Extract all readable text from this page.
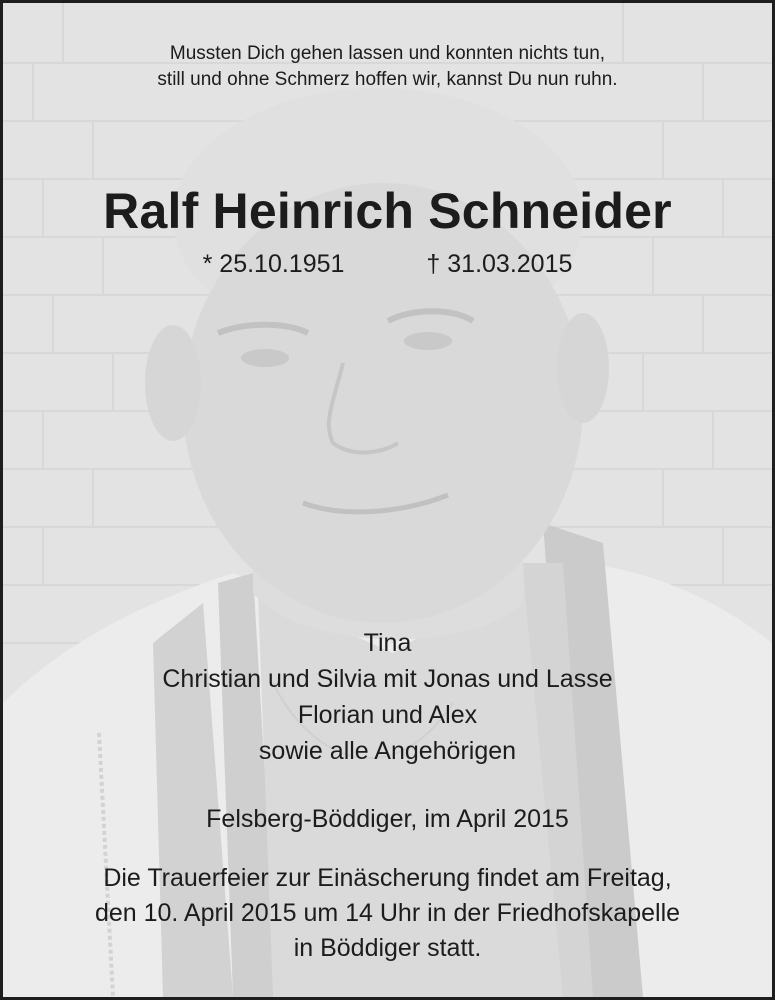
Mussten Dich gehen lassen und konnten nichts tun,
still und ohne Schmerz hoffen wir, kannst Du nun ruhn.
Ralf Heinrich Schneider
* 25.10.1951	† 31.03.2015
Tina
Christian und Silvia mit Jonas und Lasse
Florian und Alex
sowie alle Angehörigen
Felsberg-Böddiger, im April 2015
Die Trauerfeier zur Einäscherung findet am Freitag,
den 10. April 2015 um 14 Uhr in der Friedhofskapelle
in Böddiger statt.
